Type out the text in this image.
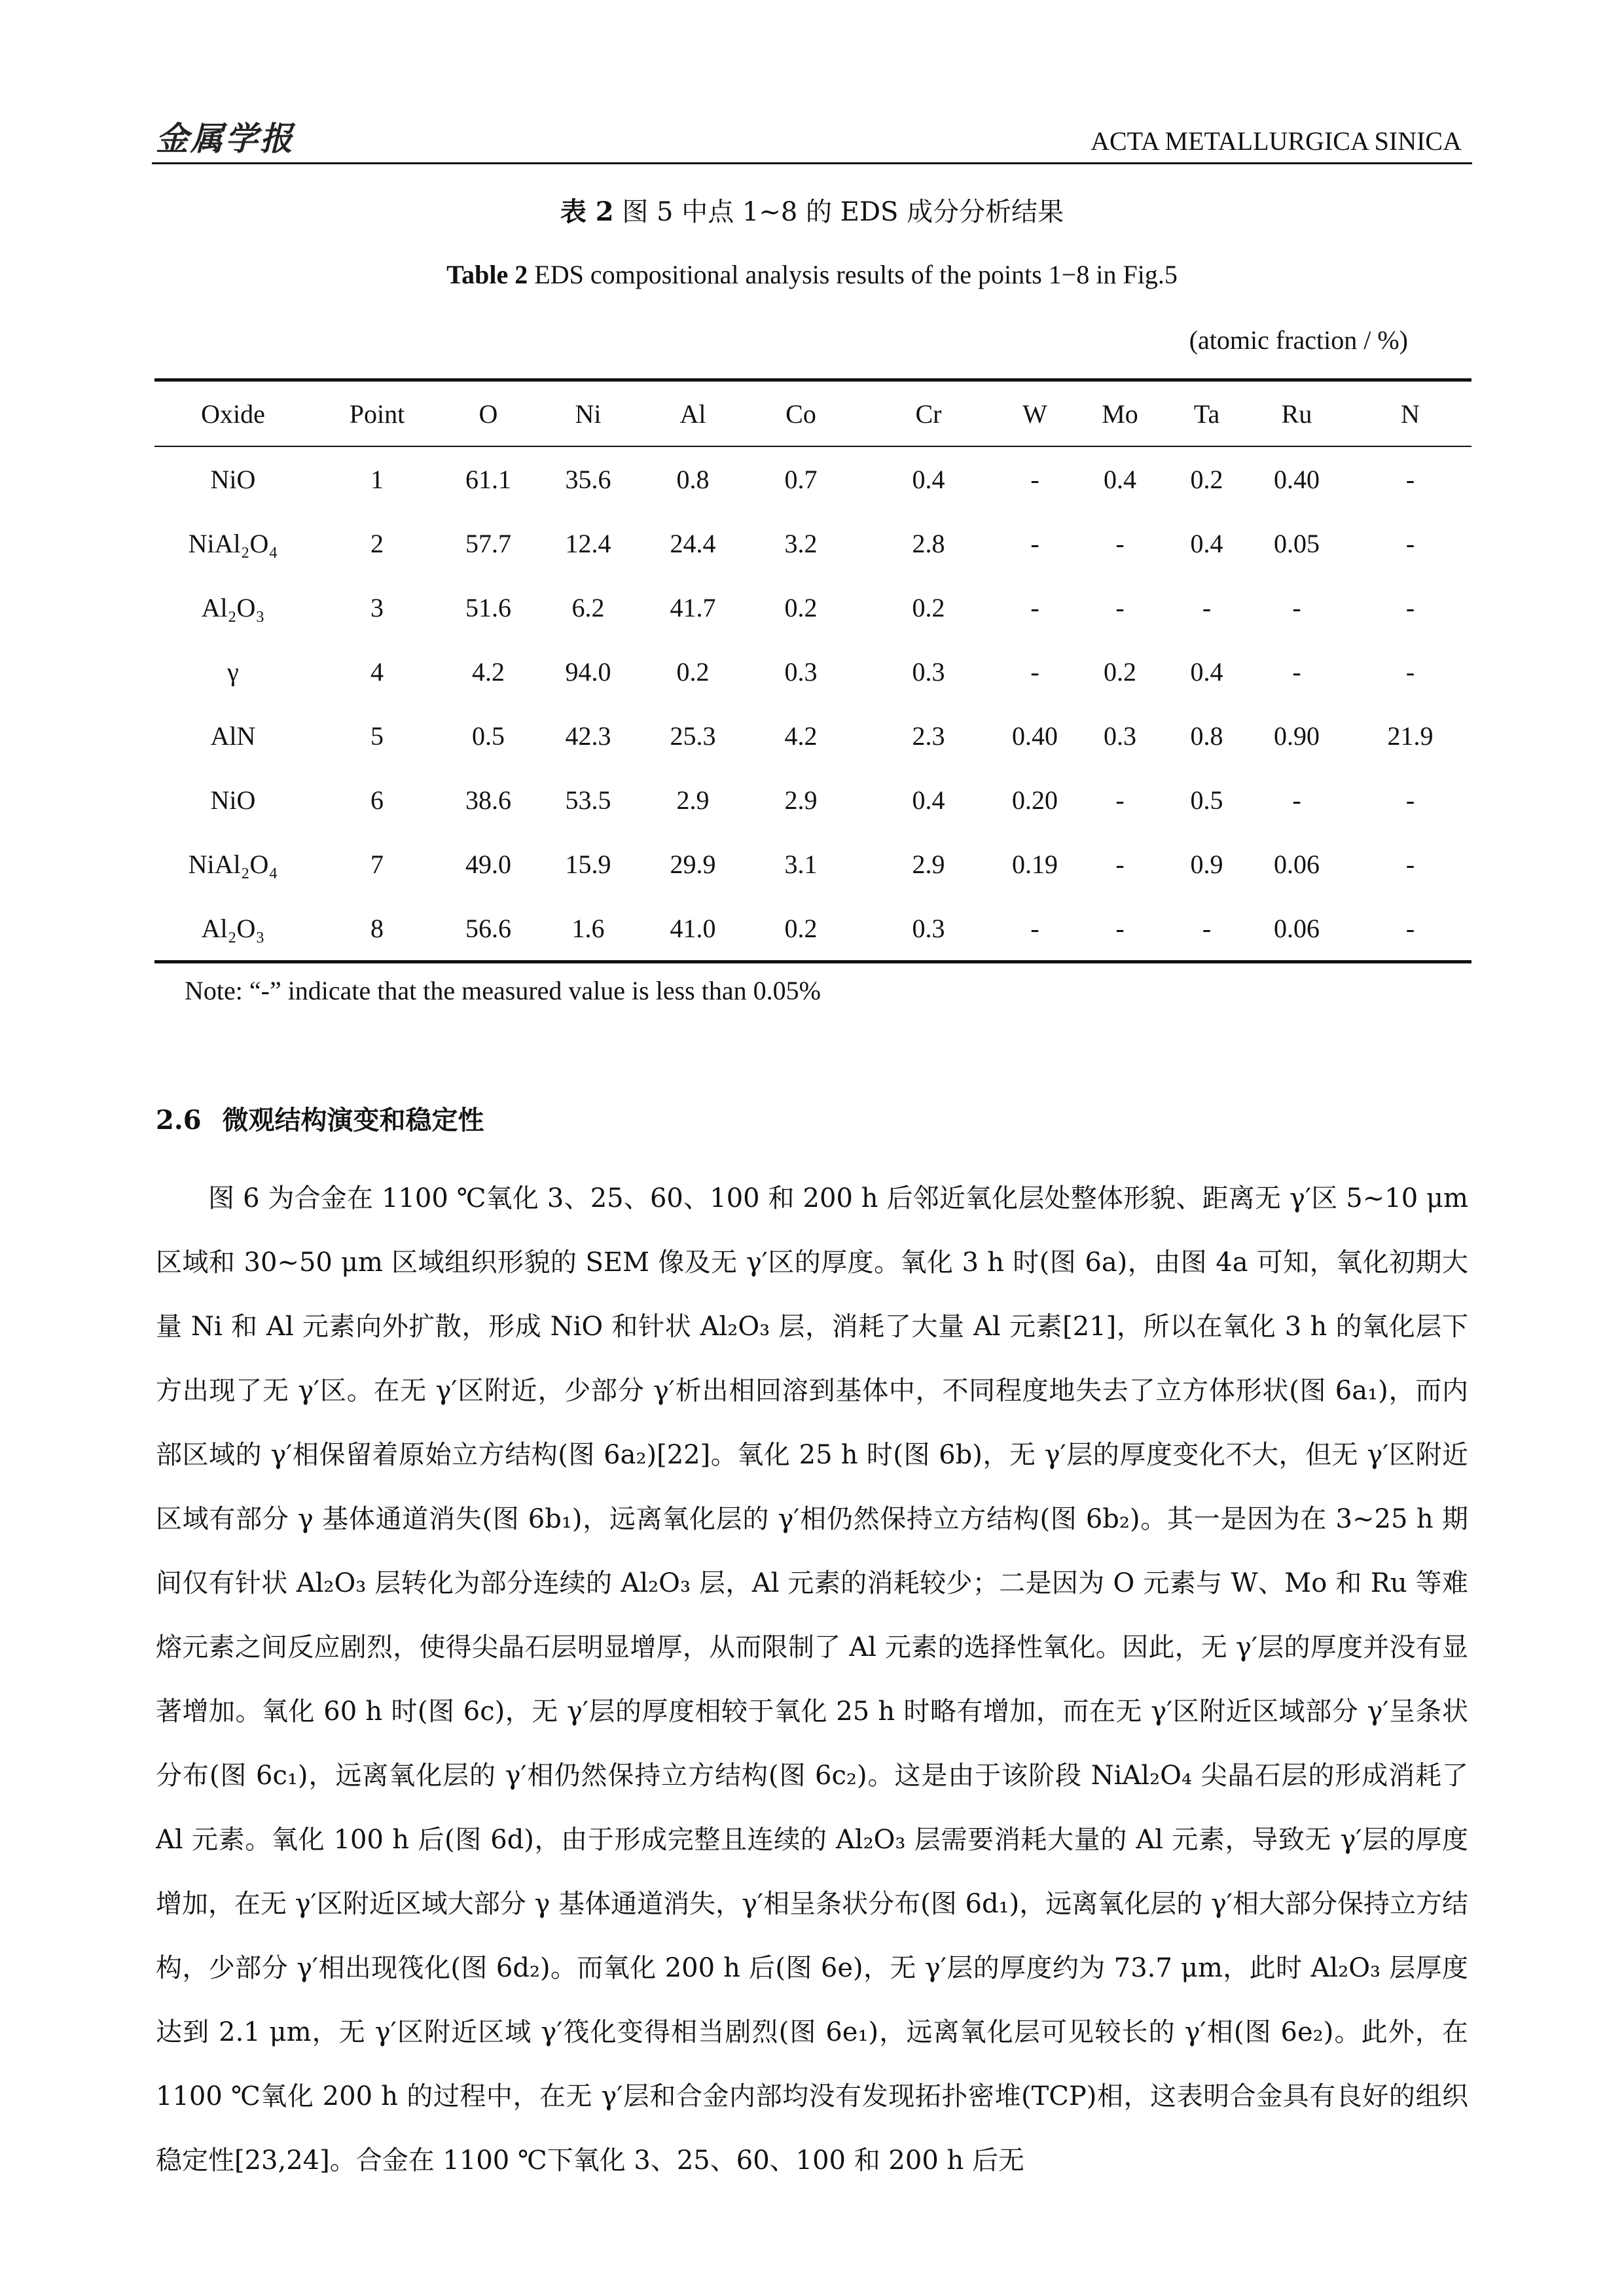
金属学报	ACTA METALLURGICA SINICA
表 2 图 5 中点 1~8 的 EDS 成分分析结果
Table 2 EDS compositional analysis results of the points 1−8 in Fig.5
(atomic fraction / %)
Oxide	Point	O	Ni	Al	Co	Cr	W	Mo	Ta	Ru	N
NiO	1	61.1	35.6	0.8	0.7	0.4	-	0.4	0.2	0.40	-
NiAl₂O₄	2	57.7	12.4	24.4	3.2	2.8	-	-	0.4	0.05	-
Al₂O₃	3	51.6	6.2	41.7	0.2	0.2	-	-	-	-	-
γ	4	4.2	94.0	0.2	0.3	0.3	-	0.2	0.4	-	-
AlN	5	0.5	42.3	25.3	4.2	2.3	0.40	0.3	0.8	0.90	21.9
NiO	6	38.6	53.5	2.9	2.9	0.4	0.20	-	0.5	-	-
NiAl₂O₄	7	49.0	15.9	29.9	3.1	2.9	0.19	-	0.9	0.06	-
Al₂O₃	8	56.6	1.6	41.0	0.2	0.3	-	-	-	0.06	-
Note: “-” indicate that the measured value is less than 0.05%
2.6 微观结构演变和稳定性
图 6 为合金在 1100 ℃氧化 3、25、60、100 和 200 h 后邻近氧化层处整体形貌、距离无 γ′区 5~10 μm 区域和 30~50 μm 区域组织形貌的 SEM 像及无 γ′区的厚度。氧化 3 h 时(图 6a)，由图 4a 可知，氧化初期大量 Ni 和 Al 元素向外扩散，形成 NiO 和针状 Al₂O₃ 层，消耗了大量 Al 元素[21]，所以在氧化 3 h 的氧化层下方出现了无 γ′区。在无 γ′区附近，少部分 γ′析出相回溶到基体中，不同程度地失去了立方体形状(图 6a₁)，而内部区域的 γ′相保留着原始立方结构(图 6a₂)[22]。氧化 25 h 时(图 6b)，无 γ′层的厚度变化不大，但无 γ′区附近区域有部分 γ 基体通道消失(图 6b₁)，远离氧化层的 γ′相仍然保持立方结构(图 6b₂)。其一是因为在 3~25 h 期间仅有针状 Al₂O₃ 层转化为部分连续的 Al₂O₃ 层，Al 元素的消耗较少；二是因为 O 元素与 W、Mo 和 Ru 等难熔元素之间反应剧烈，使得尖晶石层明显增厚，从而限制了 Al 元素的选择性氧化。因此，无 γ′层的厚度并没有显著增加。氧化 60 h 时(图 6c)，无 γ′层的厚度相较于氧化 25 h 时略有增加，而在无 γ′区附近区域部分 γ′呈条状分布(图 6c₁)，远离氧化层的 γ′相仍然保持立方结构(图 6c₂)。这是由于该阶段 NiAl₂O₄ 尖晶石层的形成消耗了 Al 元素。氧化 100 h 后(图 6d)，由于形成完整且连续的 Al₂O₃ 层需要消耗大量的 Al 元素，导致无 γ′层的厚度增加，在无 γ′区附近区域大部分 γ 基体通道消失，γ′相呈条状分布(图 6d₁)，远离氧化层的 γ′相大部分保持立方结构，少部分 γ′相出现筏化(图 6d₂)。而氧化 200 h 后(图 6e)，无 γ′层的厚度约为 73.7 μm，此时 Al₂O₃ 层厚度达到 2.1 μm，无 γ′区附近区域 γ′筏化变得相当剧烈(图 6e₁)，远离氧化层可见较长的 γ′相(图 6e₂)。此外，在 1100 ℃氧化 200 h 的过程中，在无 γ′层和合金内部均没有发现拓扑密堆(TCP)相，这表明合金具有良好的组织稳定性[23,24]。合金在 1100 ℃下氧化 3、25、60、100 和 200 h 后无
